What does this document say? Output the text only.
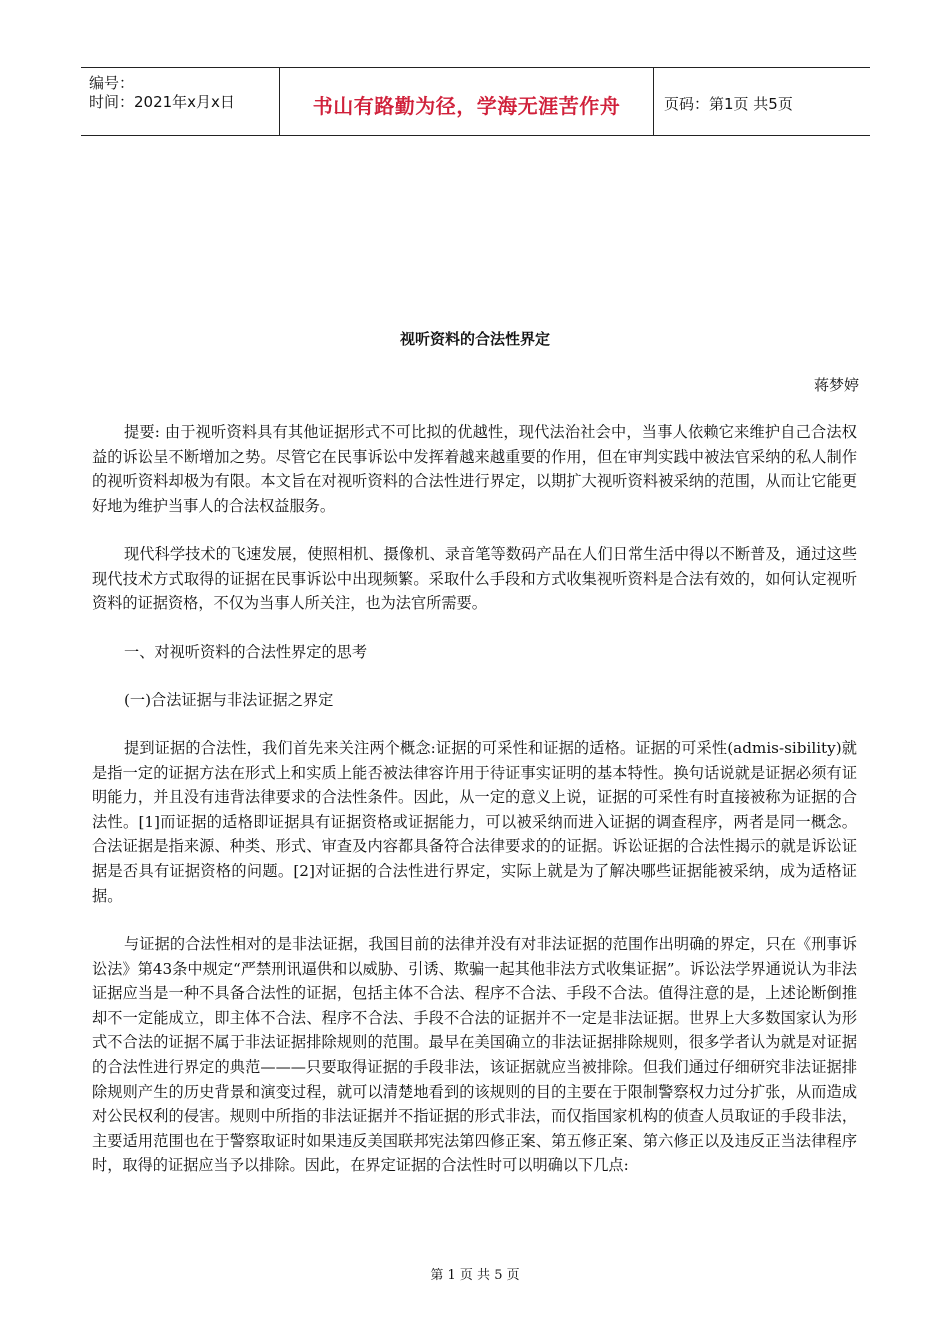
编号：
时间：2021年x月x日	书山有路勤为径，学海无涯苦作舟	页码：第1页 共5页
视听资料的合法性界定
蒋梦婷

提要: 由于视听资料具有其他证据形式不可比拟的优越性，现代法治社会中，当事人依赖它来维护自己合法权益的诉讼呈不断增加之势。尽管它在民事诉讼中发挥着越来越重要的作用，但在审判实践中被法官采纳的私人制作的视听资料却极为有限。本文旨在对视听资料的合法性进行界定，以期扩大视听资料被采纳的范围，从而让它能更好地为维护当事人的合法权益服务。

现代科学技术的飞速发展，使照相机、摄像机、录音笔等数码产品在人们日常生活中得以不断普及，通过这些现代技术方式取得的证据在民事诉讼中出现频繁。采取什么手段和方式收集视听资料是合法有效的，如何认定视听资料的证据资格，不仅为当事人所关注，也为法官所需要。

一、对视听资料的合法性界定的思考

(一)合法证据与非法证据之界定

提到证据的合法性，我们首先来关注两个概念:证据的可采性和证据的适格。证据的可采性(admis-sibility)就是指一定的证据方法在形式上和实质上能否被法律容许用于待证事实证明的基本特性。换句话说就是证据必须有证明能力，并且没有违背法律要求的合法性条件。因此，从一定的意义上说，证据的可采性有时直接被称为证据的合法性。[1]而证据的适格即证据具有证据资格或证据能力，可以被采纳而进入证据的调查程序，两者是同一概念。合法证据是指来源、种类、形式、审查及内容都具备符合法律要求的的证据。诉讼证据的合法性揭示的就是诉讼证据是否具有证据资格的问题。[2]对证据的合法性进行界定，实际上就是为了解决哪些证据能被采纳，成为适格证据。

与证据的合法性相对的是非法证据，我国目前的法律并没有对非法证据的范围作出明确的界定，只在《刑事诉讼法》第43条中规定“严禁刑讯逼供和以威胁、引诱、欺骗一起其他非法方式收集证据”。诉讼法学界通说认为非法证据应当是一种不具备合法性的证据，包括主体不合法、程序不合法、手段不合法。值得注意的是，上述论断倒推却不一定能成立，即主体不合法、程序不合法、手段不合法的证据并不一定是非法证据。世界上大多数国家认为形式不合法的证据不属于非法证据排除规则的范围。最早在美国确立的非法证据排除规则，很多学者认为就是对证据的合法性进行界定的典范———只要取得证据的手段非法，该证据就应当被排除。但我们通过仔细研究非法证据排除规则产生的历史背景和演变过程，就可以清楚地看到的该规则的目的主要在于限制警察权力过分扩张，从而造成对公民权利的侵害。规则中所指的非法证据并不指证据的形式非法，而仅指国家机构的侦查人员取证的手段非法，主要适用范围也在于警察取证时如果违反美国联邦宪法第四修正案、第五修正案、第六修正以及违反正当法律程序时，取得的证据应当予以排除。因此，在界定证据的合法性时可以明确以下几点:

第 1 页 共 5 页
